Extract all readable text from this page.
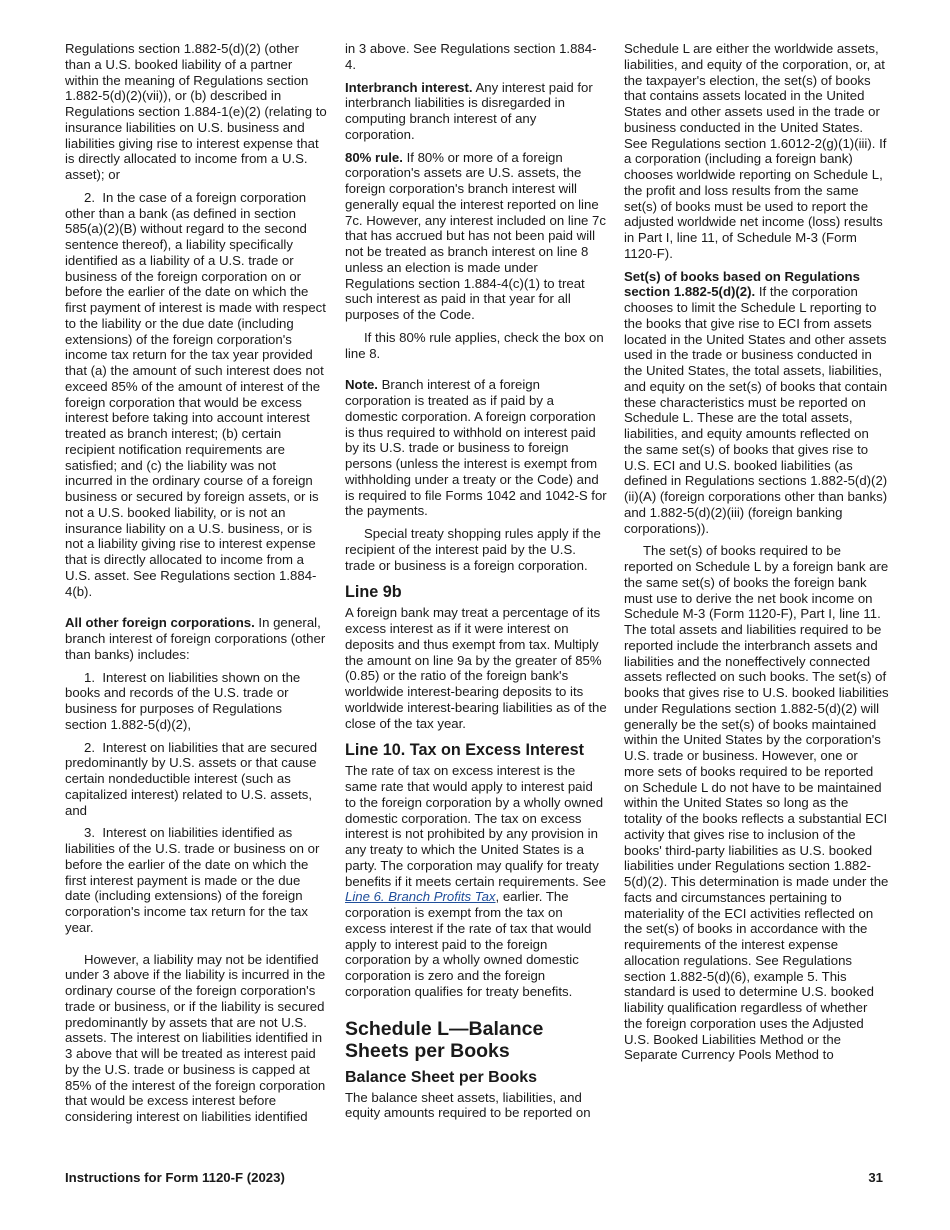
Regulations section 1.882-5(d)(2) (other than a U.S. booked liability of a partner within the meaning of Regulations section 1.882-5(d)(2)(vii)), or (b) described in Regulations section 1.884-1(e)(2) (relating to insurance liabilities on U.S. business and liabilities giving rise to interest expense that is directly allocated to income from a U.S. asset); or

2.  In the case of a foreign corporation other than a bank (as defined in section 585(a)(2)(B) without regard to the second sentence thereof), a liability specifically identified as a liability of a U.S. trade or business of the foreign corporation on or before the earlier of the date on which the first payment of interest is made with respect to the liability or the due date (including extensions) of the foreign corporation's income tax return for the tax year provided that (a) the amount of such interest does not exceed 85% of the amount of interest of the foreign corporation that would be excess interest before taking into account interest treated as branch interest; (b) certain recipient notification requirements are satisfied; and (c) the liability was not incurred in the ordinary course of a foreign business or secured by foreign assets, or is not a U.S. booked liability, or is not an insurance liability on a U.S. business, or is not a liability giving rise to interest expense that is directly allocated to income from a U.S. asset. See Regulations section 1.884-4(b).

All other foreign corporations. In general, branch interest of foreign corporations (other than banks) includes:

1.  Interest on liabilities shown on the books and records of the U.S. trade or business for purposes of Regulations section 1.882-5(d)(2),

2.  Interest on liabilities that are secured predominantly by U.S. assets or that cause certain nondeductible interest (such as capitalized interest) related to U.S. assets, and

3.  Interest on liabilities identified as liabilities of the U.S. trade or business on or before the earlier of the date on which the first interest payment is made or the due date (including extensions) of the foreign corporation's income tax return for the tax year.

However, a liability may not be identified under 3 above if the liability is incurred in the ordinary course of the foreign corporation's trade or business, or if the liability is secured predominantly by assets that are not U.S. assets. The interest on liabilities identified in 3 above that will be treated as interest paid by the U.S. trade or business is capped at 85% of the interest of the foreign corporation that would be excess interest before considering interest on liabilities identified

in 3 above. See Regulations section 1.884-4.

Interbranch interest. Any interest paid for interbranch liabilities is disregarded in computing branch interest of any corporation.

80% rule. If 80% or more of a foreign corporation's assets are U.S. assets, the foreign corporation's branch interest will generally equal the interest reported on line 7c. However, any interest included on line 7c that has accrued but has not been paid will not be treated as branch interest on line 8 unless an election is made under Regulations section 1.884-4(c)(1) to treat such interest as paid in that year for all purposes of the Code.

If this 80% rule applies, check the box on line 8.

Note. Branch interest of a foreign corporation is treated as if paid by a domestic corporation. A foreign corporation is thus required to withhold on interest paid by its U.S. trade or business to foreign persons (unless the interest is exempt from withholding under a treaty or the Code) and is required to file Forms 1042 and 1042-S for the payments.

Special treaty shopping rules apply if the recipient of the interest paid by the U.S. trade or business is a foreign corporation.

Line 9b

A foreign bank may treat a percentage of its excess interest as if it were interest on deposits and thus exempt from tax. Multiply the amount on line 9a by the greater of 85% (0.85) or the ratio of the foreign bank's worldwide interest-bearing deposits to its worldwide interest-bearing liabilities as of the close of the tax year.

Line 10. Tax on Excess Interest

The rate of tax on excess interest is the same rate that would apply to interest paid to the foreign corporation by a wholly owned domestic corporation. The tax on excess interest is not prohibited by any provision in any treaty to which the United States is a party. The corporation may qualify for treaty benefits if it meets certain requirements. See Line 6. Branch Profits Tax, earlier. The corporation is exempt from the tax on excess interest if the rate of tax that would apply to interest paid to the foreign corporation by a wholly owned domestic corporation is zero and the foreign corporation qualifies for treaty benefits.

Schedule L—Balance Sheets per Books
Balance Sheet per Books

The balance sheet assets, liabilities, and equity amounts required to be reported on

Schedule L are either the worldwide assets, liabilities, and equity of the corporation, or, at the taxpayer's election, the set(s) of books that contains assets located in the United States and other assets used in the trade or business conducted in the United States. See Regulations section 1.6012-2(g)(1)(iii). If a corporation (including a foreign bank) chooses worldwide reporting on Schedule L, the profit and loss results from the same set(s) of books must be used to report the adjusted worldwide net income (loss) results in Part I, line 11, of Schedule M-3 (Form 1120-F).

Set(s) of books based on Regulations section 1.882-5(d)(2). If the corporation chooses to limit the Schedule L reporting to the books that give rise to ECI from assets located in the United States and other assets used in the trade or business conducted in the United States, the total assets, liabilities, and equity on the set(s) of books that contain these characteristics must be reported on Schedule L. These are the total assets, liabilities, and equity amounts reflected on the same set(s) of books that gives rise to U.S. ECI and U.S. booked liabilities (as defined in Regulations sections 1.882-5(d)(2)(ii)(A) (foreign corporations other than banks) and 1.882-5(d)(2)(iii) (foreign banking corporations)).

The set(s) of books required to be reported on Schedule L by a foreign bank are the same set(s) of books the foreign bank must use to derive the net book income on Schedule M-3 (Form 1120-F), Part I, line 11. The total assets and liabilities required to be reported include the interbranch assets and liabilities and the noneffectively connected assets reflected on such books. The set(s) of books that gives rise to U.S. booked liabilities under Regulations section 1.882-5(d)(2) will generally be the set(s) of books maintained within the United States by the corporation's U.S. trade or business. However, one or more sets of books required to be reported on Schedule L do not have to be maintained within the United States so long as the totality of the books reflects a substantial ECI activity that gives rise to inclusion of the books' third-party liabilities as U.S. booked liabilities under Regulations section 1.882-5(d)(2). This determination is made under the facts and circumstances pertaining to materiality of the ECI activities reflected on the set(s) of books in accordance with the requirements of the interest expense allocation regulations. See Regulations section 1.882-5(d)(6), example 5. This standard is used to determine U.S. booked liability qualification regardless of whether the foreign corporation uses the Adjusted U.S. Booked Liabilities Method or the Separate Currency Pools Method to

Instructions for Form 1120-F (2023)	31
